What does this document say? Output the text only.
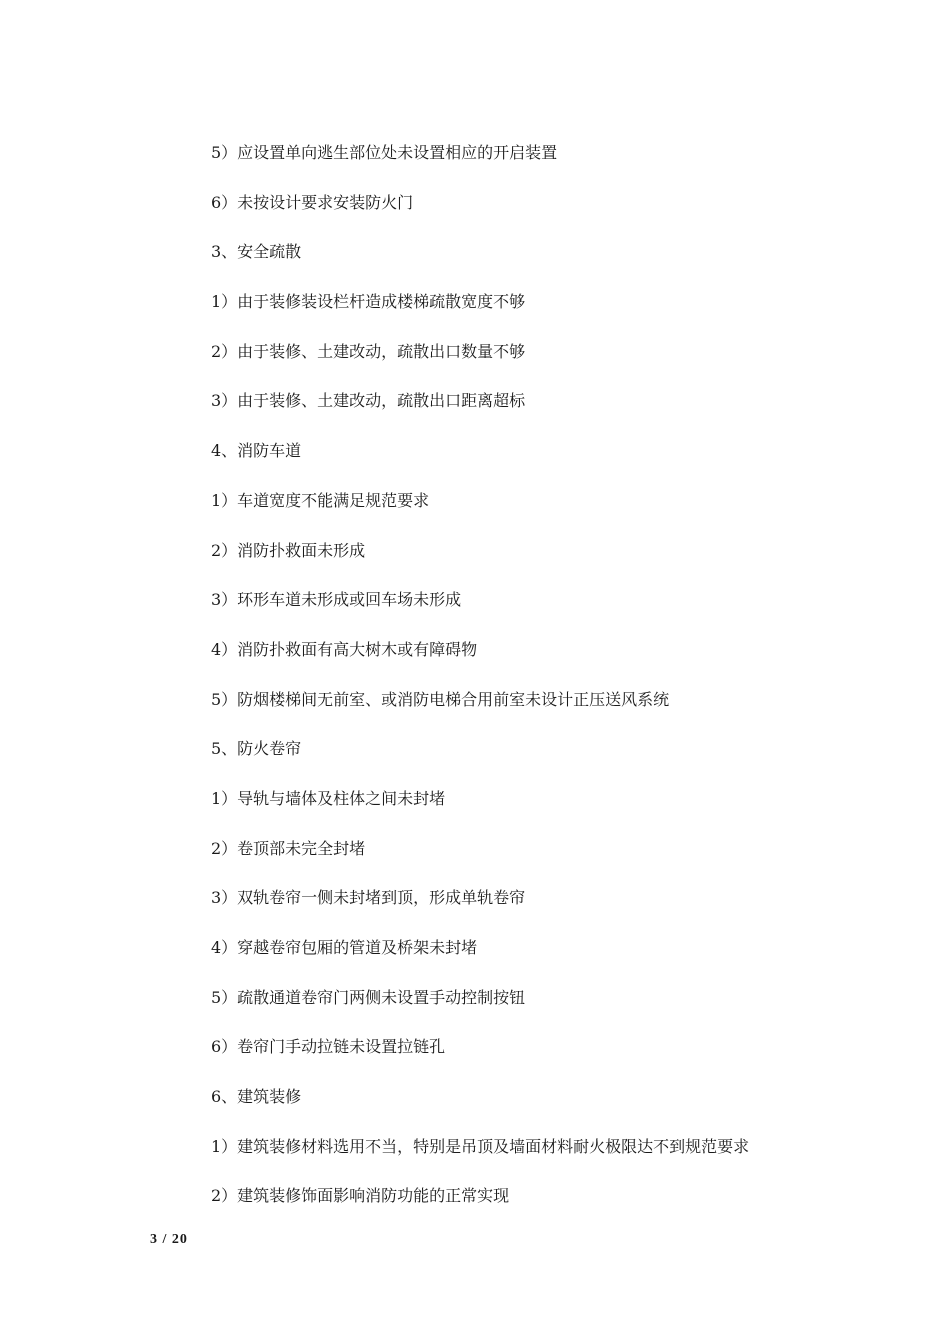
5）应设置单向逃生部位处未设置相应的开启装置
6）未按设计要求安装防火门
3、安全疏散
1）由于装修装设栏杆造成楼梯疏散宽度不够
2）由于装修、土建改动，疏散出口数量不够
3）由于装修、土建改动，疏散出口距离超标
4、消防车道
1）车道宽度不能满足规范要求
2）消防扑救面未形成
3）环形车道未形成或回车场未形成
4）消防扑救面有高大树木或有障碍物
5）防烟楼梯间无前室、或消防电梯合用前室未设计正压送风系统
5、防火卷帘
1）导轨与墙体及柱体之间未封堵
2）卷顶部未完全封堵
3）双轨卷帘一侧未封堵到顶，形成单轨卷帘
4）穿越卷帘包厢的管道及桥架未封堵
5）疏散通道卷帘门两侧未设置手动控制按钮
6）卷帘门手动拉链未设置拉链孔
6、建筑装修
1）建筑装修材料选用不当，特别是吊顶及墙面材料耐火极限达不到规范要求
2）建筑装修饰面影响消防功能的正常实现
3 / 20
